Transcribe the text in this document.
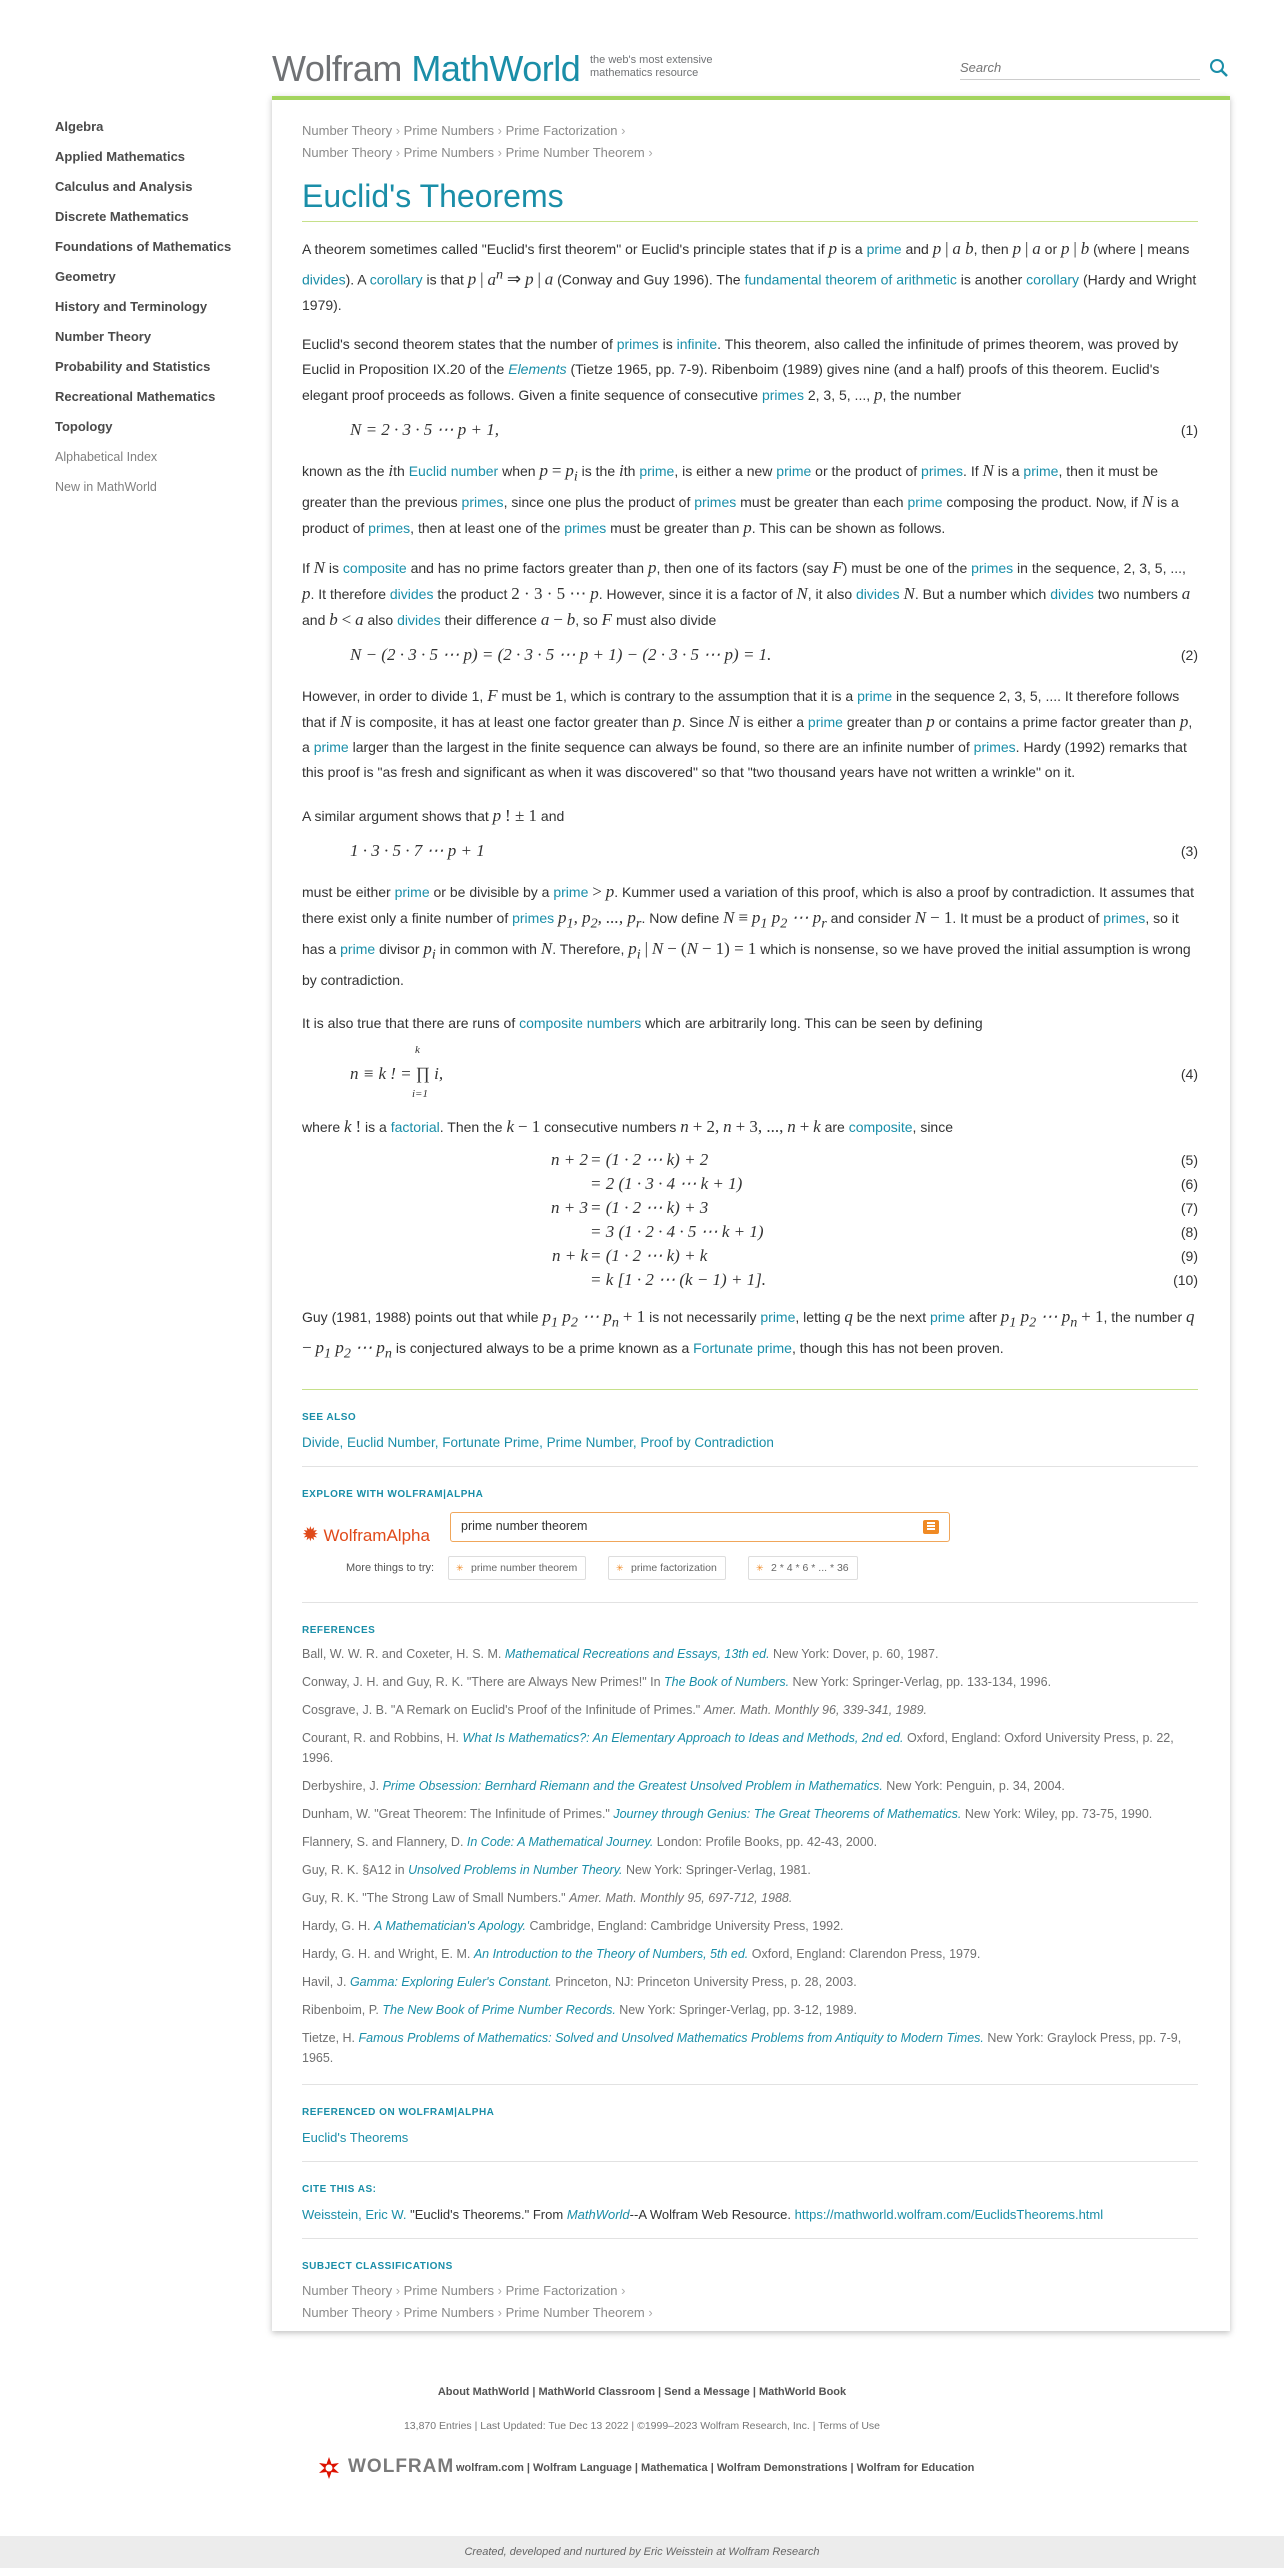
Wolfram MathWorld the web's most extensive mathematics resource
Search
Algebra
Applied Mathematics
Calculus and Analysis
Discrete Mathematics
Foundations of Mathematics
Geometry
History and Terminology
Number Theory
Probability and Statistics
Recreational Mathematics
Topology
Alphabetical Index
New in MathWorld
Number Theory › Prime Numbers › Prime Factorization ›
Number Theory › Prime Numbers › Prime Number Theorem ›
Euclid's Theorems

A theorem sometimes called "Euclid's first theorem" or Euclid's principle states that if p is a prime and p | a b, then p | a or p | b (where | means divides). A corollary is that p | $a^n$ ⇒ p | a (Conway and Guy 1996). The fundamental theorem of arithmetic is another corollary (Hardy and Wright 1979).

Euclid's second theorem states that the number of primes is infinite. This theorem, also called the infinitude of primes theorem, was proved by Euclid in Proposition IX.20 of the Elements (Tietze 1965, pp. 7-9). Ribenboim (1989) gives nine (and a half) proofs of this theorem. Euclid's elegant proof proceeds as follows. Given a finite sequence of consecutive primes 2, 3, 5, ..., p, the number

N = 2 · 3 · 5 ⋯ p + 1,	(1)

known as the ith Euclid number when $p = p_i$ is the ith prime, is either a new prime or the product of primes. If N is a prime, then it must be greater than the previous primes, since one plus the product of primes must be greater than each prime composing the product. Now, if N is a product of primes, then at least one of the primes must be greater than p. This can be shown as follows.

If N is composite and has no prime factors greater than p, then one of its factors (say F) must be one of the primes in the sequence, 2, 3, 5, ..., p. It therefore divides the product 2 · 3 · 5 ⋯ p. However, since it is a factor of N, it also divides N. But a number which divides two numbers a and b < a also divides their difference a − b, so F must also divide

N − (2 · 3 · 5 ⋯ p) = (2 · 3 · 5 ⋯ p + 1) − (2 · 3 · 5 ⋯ p) = 1.	(2)

However, in order to divide 1, F must be 1, which is contrary to the assumption that it is a prime in the sequence 2, 3, 5, .... It therefore follows that if N is composite, it has at least one factor greater than p. Since N is either a prime greater than p or contains a prime factor greater than p, a prime larger than the largest in the finite sequence can always be found, so there are an infinite number of primes. Hardy (1992) remarks that this proof is "as fresh and significant as when it was discovered" so that "two thousand years have not written a wrinkle" on it.

A similar argument shows that p ! ± 1 and

1 · 3 · 5 · 7 ⋯ p + 1	(3)

must be either prime or be divisible by a prime > p. Kummer used a variation of this proof, which is also a proof by contradiction. It assumes that there exist only a finite number of primes $p_1$, $p_2$, ..., $p_r$. Now define $N \equiv p_1$ $p_2$ ⋯ $p_r$ and consider N − 1. It must be a product of primes, so it has a prime divisor $p_i$ in common with N. Therefore, $p_i$ | N − (N − 1) = 1 which is nonsense, so we have proved the initial assumption is wrong by contradiction.

It is also true that there are runs of composite numbers which are arbitrarily long. This can be seen by defining

n ≡ k ! = ∏ i,
k
i=1
(4)

where k ! is a factorial. Then the k − 1 consecutive numbers n + 2, n + 3, ..., n + k are composite, since

n + 2 = (1 · 2 ⋯ k) + 2	(5)
= 2 (1 · 3 · 4 ⋯ k + 1)	(6)
n + 3 = (1 · 2 ⋯ k) + 3	(7)
= 3 (1 · 2 · 4 · 5 ⋯ k + 1)	(8)
n + k = (1 · 2 ⋯ k) + k	(9)
= k [1 · 2 ⋯ (k − 1) + 1].	(10)

Guy (1981, 1988) points out that while $p_1$ $p_2$ ⋯ $p_n + 1$ is not necessarily prime, letting q be the next prime after $p_1$ $p_2$ ⋯ $p_n + 1$, the number $q - p_1$ $p_2$ ⋯ $p_n$ is conjectured always to be a prime known as a Fortunate prime, though this has not been proven.

SEE ALSO
Divide, Euclid Number, Fortunate Prime, Prime Number, Proof by Contradiction
EXPLORE WITH WOLFRAM|ALPHA
✹ WolframAlpha
prime number theorem
More things to try:	✳ prime number theorem	✳ prime factorization	✳ 2 * 4 * 6 * ... * 36
REFERENCES
Ball, W. W. R. and Coxeter, H. S. M. Mathematical Recreations and Essays, 13th ed. New York: Dover, p. 60, 1987.
Conway, J. H. and Guy, R. K. "There are Always New Primes!" In The Book of Numbers. New York: Springer-Verlag, pp. 133-134, 1996.
Cosgrave, J. B. "A Remark on Euclid's Proof of the Infinitude of Primes." Amer. Math. Monthly 96, 339-341, 1989.
Courant, R. and Robbins, H. What Is Mathematics?: An Elementary Approach to Ideas and Methods, 2nd ed. Oxford, England: Oxford University Press, p. 22, 1996.
Derbyshire, J. Prime Obsession: Bernhard Riemann and the Greatest Unsolved Problem in Mathematics. New York: Penguin, p. 34, 2004.
Dunham, W. "Great Theorem: The Infinitude of Primes." Journey through Genius: The Great Theorems of Mathematics. New York: Wiley, pp. 73-75, 1990.
Flannery, S. and Flannery, D. In Code: A Mathematical Journey. London: Profile Books, pp. 42-43, 2000.
Guy, R. K. §A12 in Unsolved Problems in Number Theory. New York: Springer-Verlag, 1981.
Guy, R. K. "The Strong Law of Small Numbers." Amer. Math. Monthly 95, 697-712, 1988.
Hardy, G. H. A Mathematician's Apology. Cambridge, England: Cambridge University Press, 1992.
Hardy, G. H. and Wright, E. M. An Introduction to the Theory of Numbers, 5th ed. Oxford, England: Clarendon Press, 1979.
Havil, J. Gamma: Exploring Euler's Constant. Princeton, NJ: Princeton University Press, p. 28, 2003.
Ribenboim, P. The New Book of Prime Number Records. New York: Springer-Verlag, pp. 3-12, 1989.
Tietze, H. Famous Problems of Mathematics: Solved and Unsolved Mathematics Problems from Antiquity to Modern Times. New York: Graylock Press, pp. 7-9, 1965.
REFERENCED ON WOLFRAM|ALPHA
Euclid's Theorems
CITE THIS AS:
Weisstein, Eric W. "Euclid's Theorems." From MathWorld--A Wolfram Web Resource. https://mathworld.wolfram.com/EuclidsTheorems.html
SUBJECT CLASSIFICATIONS
Number Theory › Prime Numbers › Prime Factorization ›
Number Theory › Prime Numbers › Prime Number Theorem ›
About MathWorld | MathWorld Classroom | Send a Message | MathWorld Book
13,870 Entries | Last Updated: Tue Dec 13 2022 | ©1999–2023 Wolfram Research, Inc. | Terms of Use
WOLFRAM wolfram.com | Wolfram Language | Mathematica | Wolfram Demonstrations | Wolfram for Education
Created, developed and nurtured by Eric Weisstein at Wolfram Research
